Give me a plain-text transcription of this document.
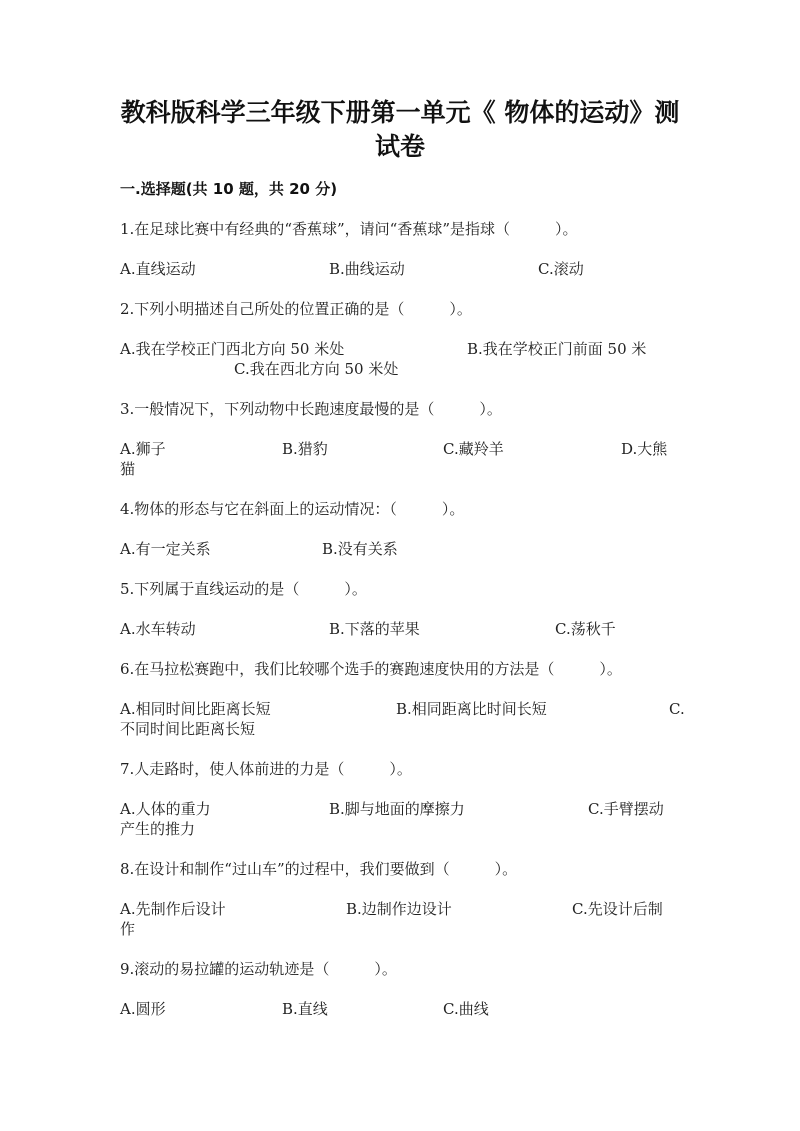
教科版科学三年级下册第一单元《 物体的运动》测
试卷
一.选择题(共 10 题，共 20 分)
1.在足球比赛中有经典的“香蕉球”，请问“香蕉球”是指球（　　　）。
A.直线运动	B.曲线运动	C.滚动
2.下列小明描述自己所处的位置正确的是（　　　）。
A.我在学校正门西北方向 50 米处	B.我在学校正门前面 50 米
C.我在西北方向 50 米处
3.一般情况下，下列动物中长跑速度最慢的是（　　　）。
A.狮子	B.猎豹	C.藏羚羊	D.大熊
猫
4.物体的形态与它在斜面上的运动情况：（　　　）。
A.有一定关系	B.没有关系
5.下列属于直线运动的是（　　　）。
A.水车转动	B.下落的苹果	C.荡秋千
6.在马拉松赛跑中，我们比较哪个选手的赛跑速度快用的方法是（　　　）。
A.相同时间比距离长短	B.相同距离比时间长短	C.
不同时间比距离长短
7.人走路时，使人体前进的力是（　　　）。
A.人体的重力	B.脚与地面的摩擦力	C.手臂摆动
产生的推力
8.在设计和制作“过山车”的过程中，我们要做到（　　　）。
A.先制作后设计	B.边制作边设计	C.先设计后制
作
9.滚动的易拉罐的运动轨迹是（　　　）。
A.圆形	B.直线	C.曲线
